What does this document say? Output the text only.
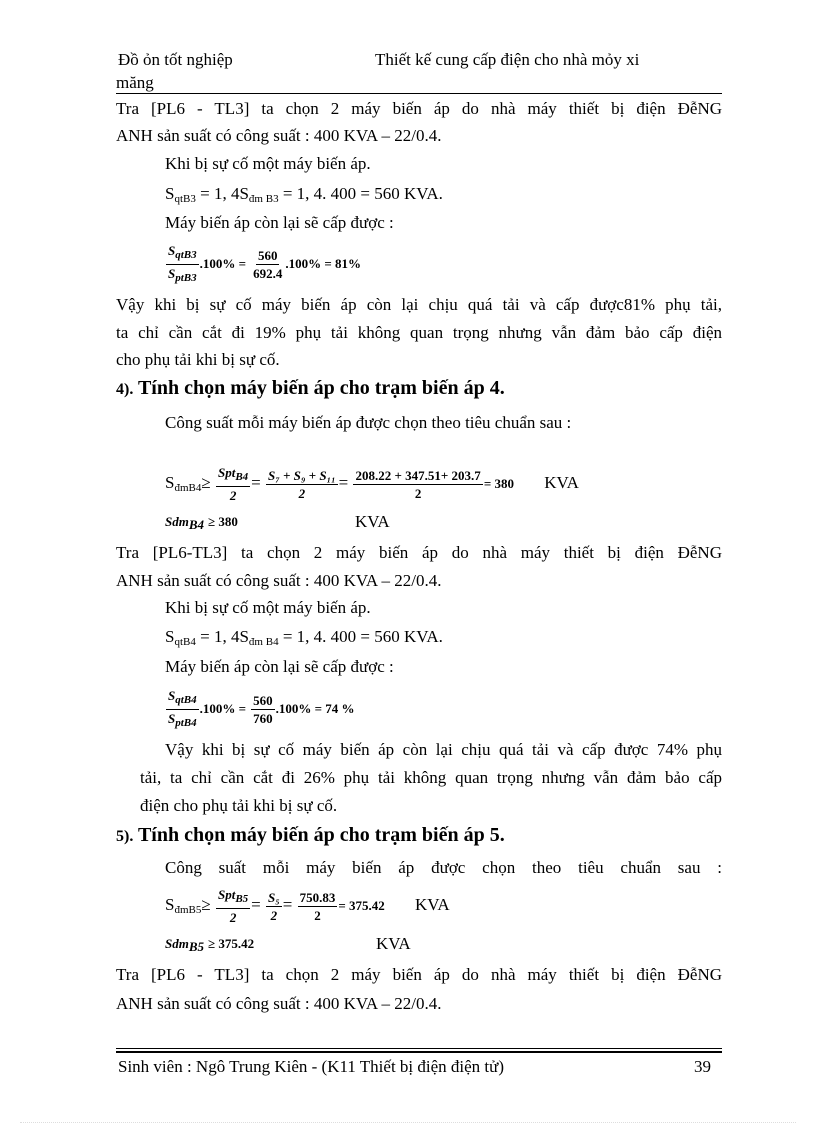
Đồ ỏn tốt nghiệp	Thiết kế cung cấp điện cho nhà mỏy xi
măng
Tra [PL6 - TL3] ta chọn 2 máy biến áp do nhà máy thiết bị điện ĐễNG
ANH sản suất có công suất : 400 KVA – 22/0.4.
Khi bị sự cố một máy biến áp.
$S_{qtB3} = 1$, $4S_{đm B3} = 1$, 4. 400 = 560 KVA.
Máy biến áp còn lại sẽ cấp được :
$\frac{S_{qtB3}}{S_{ptB3}} .100\% = \frac{560}{692.4} .100\% = 81\%$
Vậy khi bị sự cố máy biến áp còn lại chịu quá tải và cấp được81% phụ tải,
ta chỉ cần cắt đi 19% phụ tải không quan trọng nhưng vẫn đảm bảo cấp điện
cho phụ tải khi bị sự cố.
4). Tính chọn máy biến áp cho trạm biến áp 4.
Công suất mỗi máy biến áp được chọn theo tiêu chuẩn sau :
$S_{đmB4}\ge \frac{Spt_{B4}}{2} = \frac{\text{S₇ + S₉ + S₁₁}}{2} = \frac{208.22 + 347.51+ 203.7}{2} = 380$ KVA
Sdm$_{B4}$ ≥ 380	KVA
Tra [PL6-TL3] ta chọn 2 máy biến áp do nhà máy thiết bị điện ĐễNG
ANH sản suất có công suất : 400 KVA – 22/0.4.
Khi bị sự cố một máy biến áp.
$S_{qtB4} = 1$, $4S_{đm B4} = 1$, 4. 400 = 560 KVA.
Máy biến áp còn lại sẽ cấp được :
$\frac{S_{qtB4}}{S_{ptB4}} .100\% = \frac{560}{760} .100\% = 74$ %
Vậy khi bị sự cố máy biến áp còn lại chịu quá tải và cấp được 74% phụ
tải, ta chỉ cần cắt đi 26% phụ tải không quan trọng nhưng vẫn đảm bảo cấp
điện cho phụ tải khi bị sự cố.
5). Tính chọn máy biến áp cho trạm biến áp 5.
Công suất mỗi máy biến áp được chọn theo tiêu chuẩn sau :
$S_{đmB5}\ge \frac{Spt_{B5}}{2} = \frac{\text{S₅}}{2} = \frac{750.83}{2} = 375.42$ KVA
Sdm$_{B5}$ ≥ 375.42	KVA
Tra [PL6 - TL3] ta chọn 2 máy biến áp do nhà máy thiết bị điện ĐễNG
ANH sản suất có công suất : 400 KVA – 22/0.4.
Sinh viên : Ngô Trung Kiên - (K11 Thiết bị điện điện tử)	39
